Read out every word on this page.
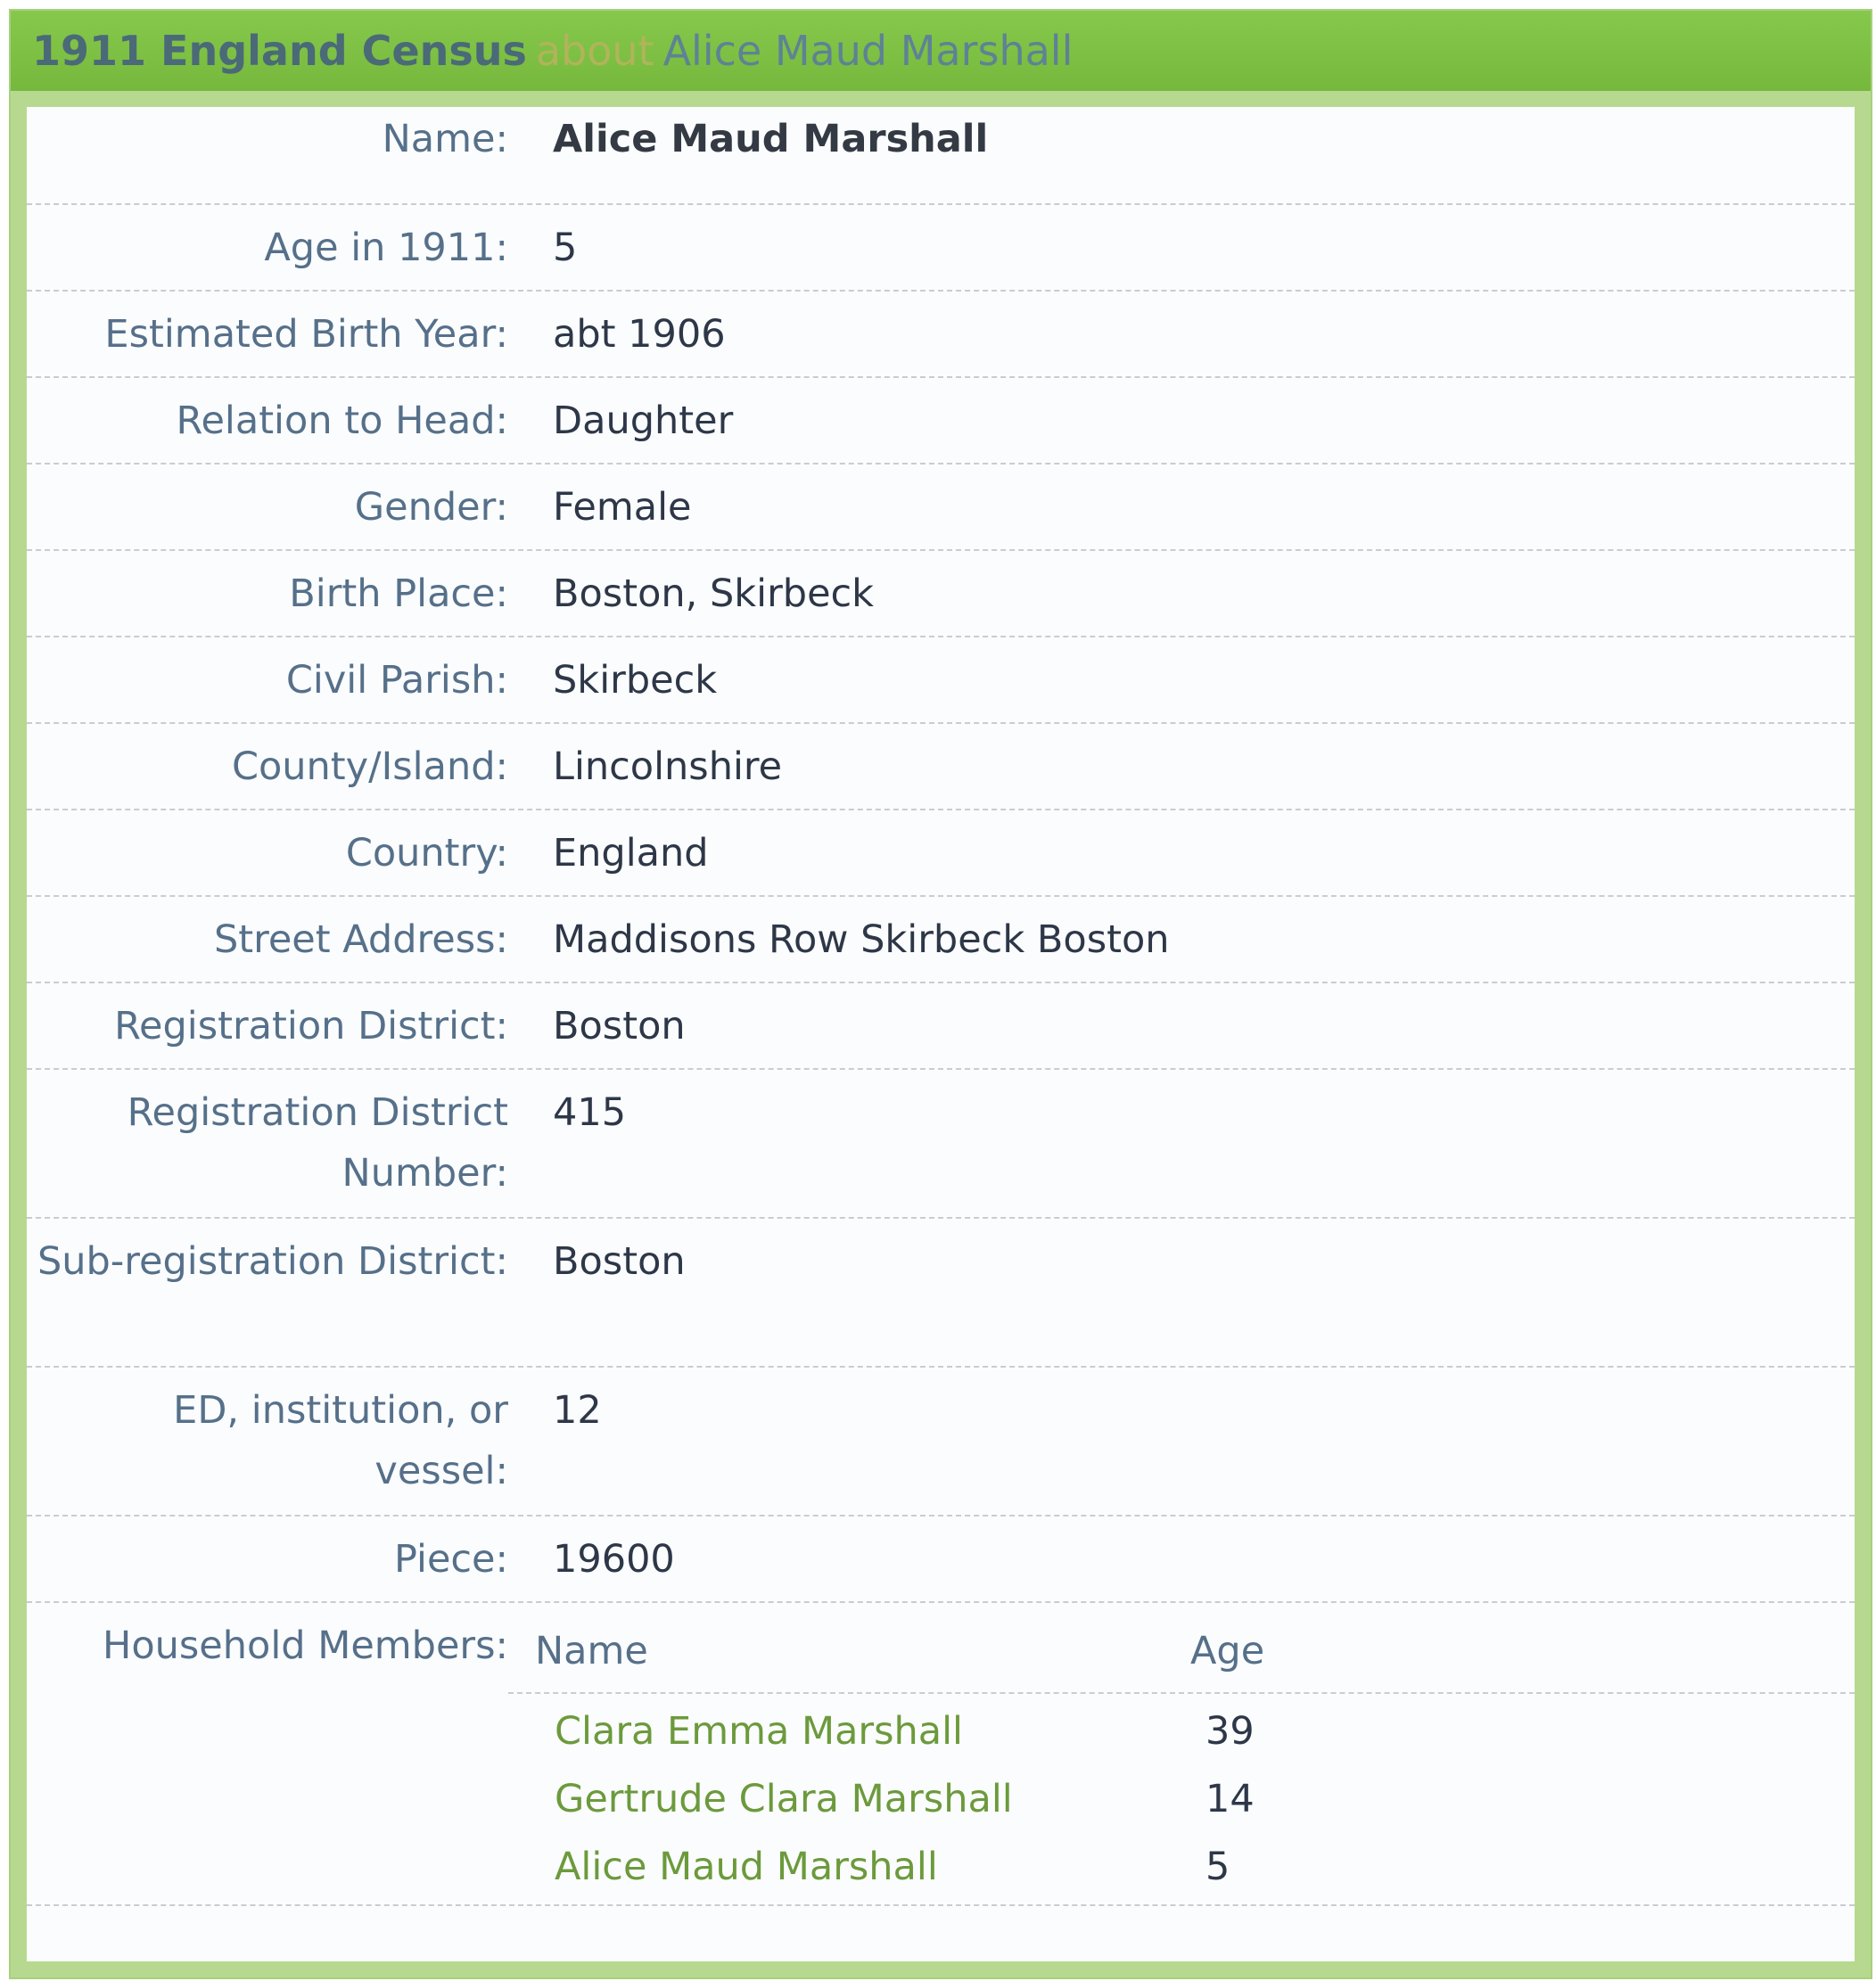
1911 England Census about Alice Maud Marshall
Name: Alice Maud Marshall
Age in 1911: 5
Estimated Birth Year: abt 1906
Relation to Head: Daughter
Gender: Female
Birth Place: Boston, Skirbeck
Civil Parish: Skirbeck
County/Island: Lincolnshire
Country: England
Street Address: Maddisons Row Skirbeck Boston
Registration District: Boston
Registration District Number:
415
Sub-registration District: Boston
ED, institution, or vessel:
12
Piece: 19600
Household Members: Name	Age
Clara Emma Marshall	39
Gertrude Clara Marshall	14
Alice Maud Marshall	5
